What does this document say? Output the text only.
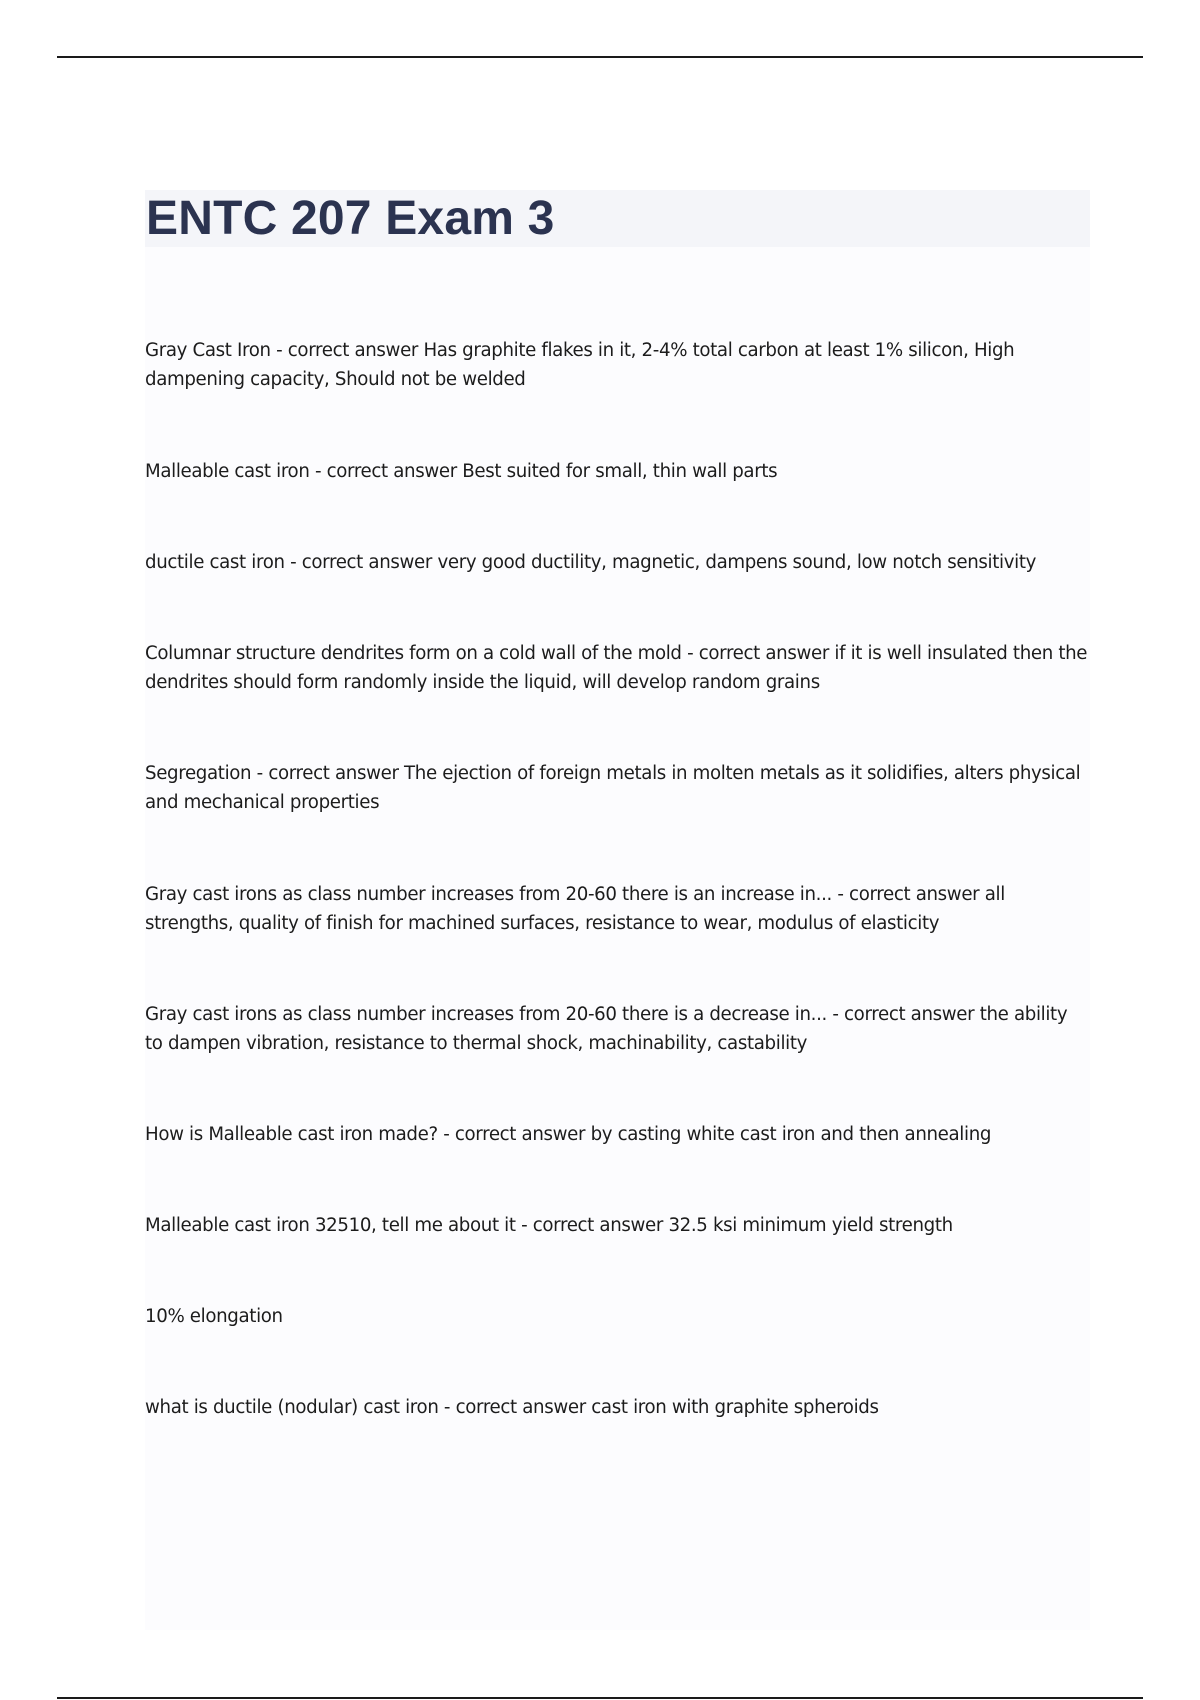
ENTC 207 Exam 3

Gray Cast Iron - correct answer Has graphite flakes in it, 2-4% total carbon at least 1% silicon, High dampening capacity, Should not be welded

Malleable cast iron - correct answer Best suited for small, thin wall parts

ductile cast iron - correct answer very good ductility, magnetic, dampens sound, low notch sensitivity

Columnar structure dendrites form on a cold wall of the mold - correct answer if it is well insulated then the dendrites should form randomly inside the liquid, will develop random grains

Segregation - correct answer The ejection of foreign metals in molten metals as it solidifies, alters physical and mechanical properties

Gray cast irons as class number increases from 20-60 there is an increase in... - correct answer all strengths, quality of finish for machined surfaces, resistance to wear, modulus of elasticity

Gray cast irons as class number increases from 20-60 there is a decrease in... - correct answer the ability to dampen vibration, resistance to thermal shock, machinability, castability

How is Malleable cast iron made? - correct answer by casting white cast iron and then annealing

Malleable cast iron 32510, tell me about it - correct answer 32.5 ksi minimum yield strength

10% elongation

what is ductile (nodular) cast iron - correct answer cast iron with graphite spheroids
